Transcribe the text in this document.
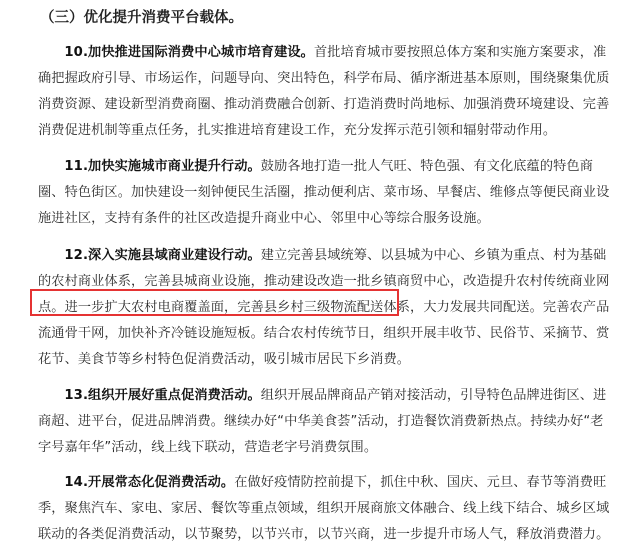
（三）优化提升消费平台载体。

10.加快推进国际消费中心城市培育建设。首批培育城市要按照总体方案和实施方案要求，准确把握政府引导、市场运作，问题导向、突出特色，科学布局、循序渐进基本原则，围绕聚集优质消费资源、建设新型消费商圈、推动消费融合创新、打造消费时尚地标、加强消费环境建设、完善消费促进机制等重点任务，扎实推进培育建设工作，充分发挥示范引领和辐射带动作用。

11.加快实施城市商业提升行动。鼓励各地打造一批人气旺、特色强、有文化底蕴的特色商圈、特色街区。加快建设一刻钟便民生活圈，推动便利店、菜市场、早餐店、维修点等便民商业设施进社区，支持有条件的社区改造提升商业中心、邻里中心等综合服务设施。

12.深入实施县域商业建设行动。建立完善县域统筹、以县城为中心、乡镇为重点、村为基础的农村商业体系，完善县城商业设施，推动建设改造一批乡镇商贸中心，改造提升农村传统商业网点。进一步扩大农村电商覆盖面，完善县乡村三级物流配送体系，大力发展共同配送。完善农产品流通骨干网，加快补齐冷链设施短板。结合农村传统节日，组织开展丰收节、民俗节、采摘节、赏花节、美食节等乡村特色促消费活动，吸引城市居民下乡消费。

13.组织开展好重点促消费活动。组织开展品牌商品产销对接活动，引导特色品牌进街区、进商超、进平台，促进品牌消费。继续办好“中华美食荟”活动，打造餐饮消费新热点。持续办好“老字号嘉年华”活动，线上线下联动，营造老字号消费氛围。

14.开展常态化促消费活动。在做好疫情防控前提下，抓住中秋、国庆、元旦、春节等消费旺季，聚焦汽车、家电、家居、餐饮等重点领域，组织开展商旅文体融合、线上线下结合、城乡区域联动的各类促消费活动，以节聚势，以节兴市，以节兴商，进一步提升市场人气，释放消费潜力。
